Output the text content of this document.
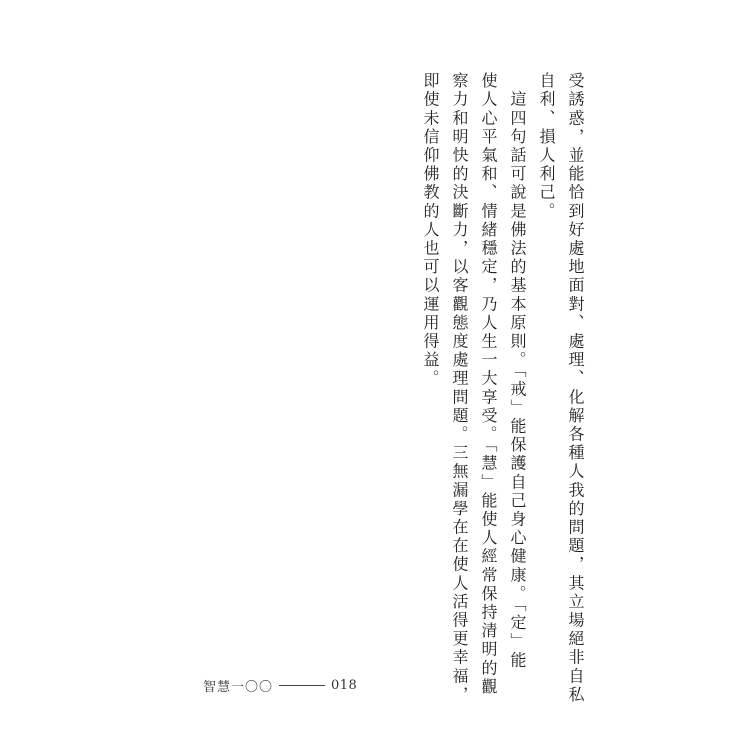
受誘惑，並能恰到好處地面對、處理、化解各種人我的問題，其立場絕非自私
自利、損人利己。
　這四句話可說是佛法的基本原則。「戒」能保護自己身心健康。「定」能
使人心平氣和、情緒穩定，乃人生一大享受。「慧」能使人經常保持清明的觀
察力和明快的決斷力，以客觀態度處理問題。三無漏學在在使人活得更幸福，
即使未信仰佛教的人也可以運用得益。
智慧一〇〇	018
